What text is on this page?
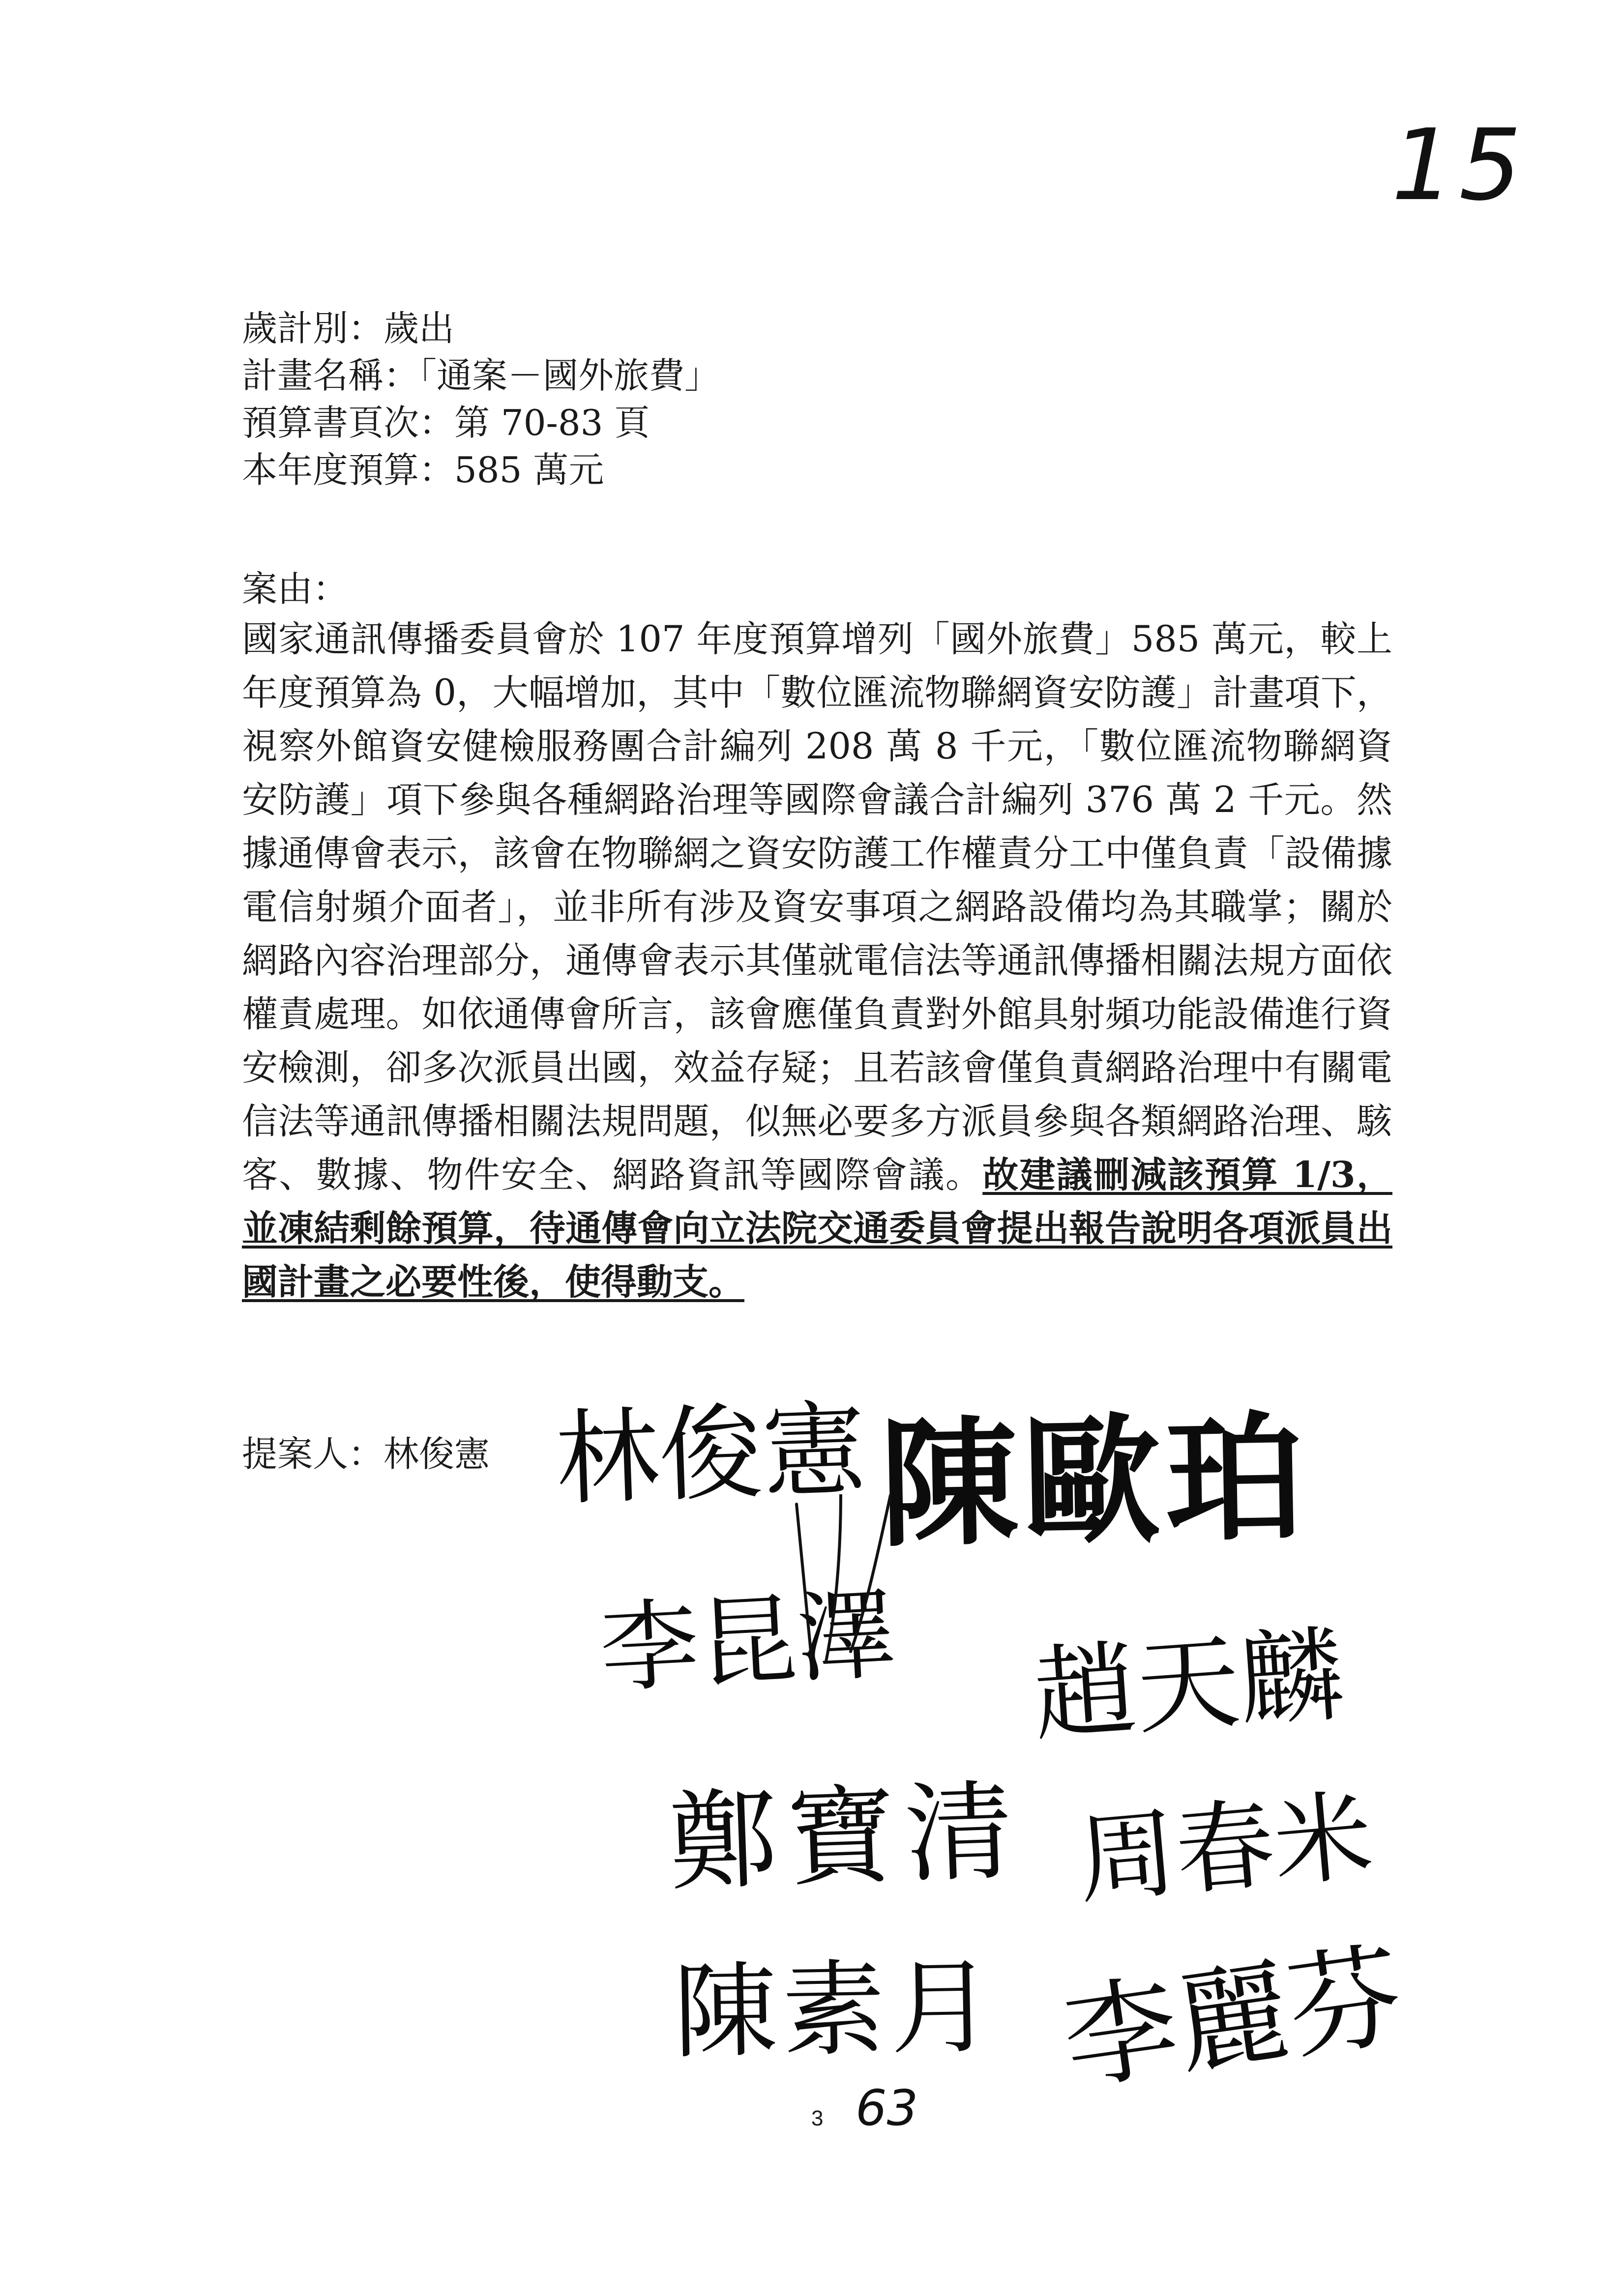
15
歲計別：歲出
計畫名稱：「通案－國外旅費」
預算書頁次：第 70-83 頁
本年度預算：585 萬元
案由：
國家通訊傳播委員會於 107 年度預算增列「國外旅費」585 萬元，較上年度預算為 0，大幅增加，其中「數位匯流物聯網資安防護」計畫項下，視察外館資安健檢服務團合計編列 208 萬 8 千元，「數位匯流物聯網資安防護」項下參與各種網路治理等國際會議合計編列 376 萬 2 千元。然據通傳會表示，該會在物聯網之資安防護工作權責分工中僅負責「設備據電信射頻介面者」，並非所有涉及資安事項之網路設備均為其職掌；關於網路內容治理部分，通傳會表示其僅就電信法等通訊傳播相關法規方面依權責處理。如依通傳會所言，該會應僅負責對外館具射頻功能設備進行資安檢測，卻多次派員出國，效益存疑；且若該會僅負責網路治理中有關電信法等通訊傳播相關法規問題，似無必要多方派員參與各類網路治理、駭客、數據、物件安全、網路資訊等國際會議。故建議刪減該預算 1/3，並凍結剩餘預算，待通傳會向立法院交通委員會提出報告說明各項派員出國計畫之必要性後，使得動支。
提案人：林俊憲 林俊憲 陳歐珀
李昆澤 趙天麟
鄭寶清 周春米
陳素月 李麗芬
3 63
